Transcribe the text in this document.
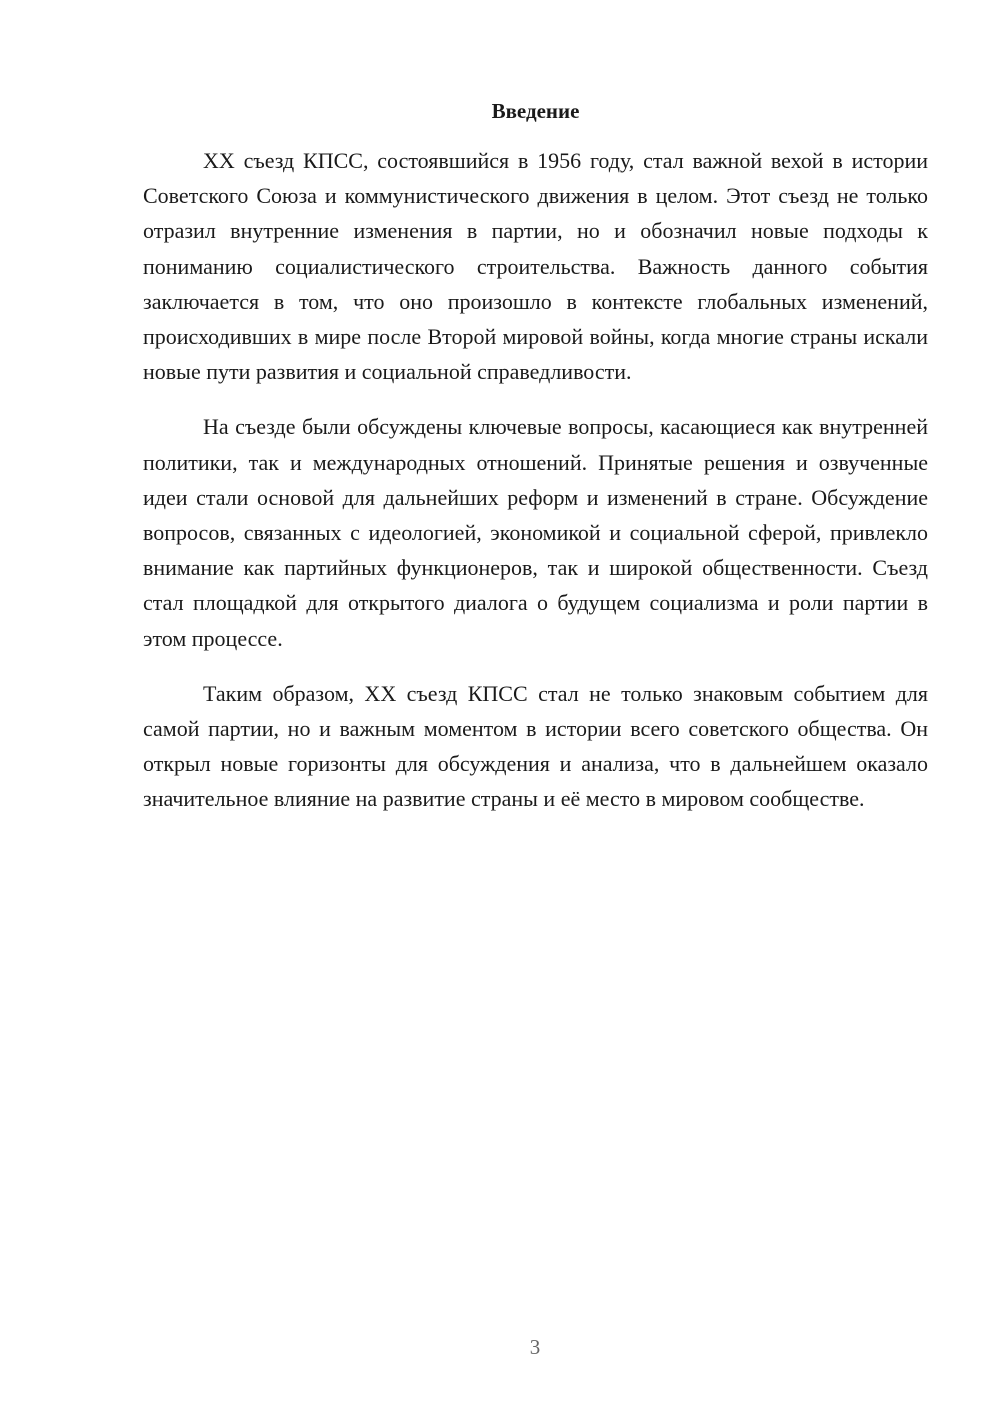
Введение

XX съезд КПСС, состоявшийся в 1956 году, стал важной вехой в истории Советского Союза и коммунистического движения в целом. Этот съезд не только отразил внутренние изменения в партии, но и обозначил новые подходы к пониманию социалистического строительства. Важность данного события заключается в том, что оно произошло в контексте глобальных изменений, происходивших в мире после Второй мировой войны, когда многие страны искали новые пути развития и социальной справедливости.

На съезде были обсуждены ключевые вопросы, касающиеся как внутренней политики, так и международных отношений. Принятые решения и озвученные идеи стали основой для дальнейших реформ и изменений в стране. Обсуждение вопросов, связанных с идеологией, экономикой и социальной сферой, привлекло внимание как партийных функционеров, так и широкой общественности. Съезд стал площадкой для открытого диалога о будущем социализма и роли партии в этом процессе.

Таким образом, XX съезд КПСС стал не только знаковым событием для самой партии, но и важным моментом в истории всего советского общества. Он открыл новые горизонты для обсуждения и анализа, что в дальнейшем оказало значительное влияние на развитие страны и её место в мировом сообществе.

3
